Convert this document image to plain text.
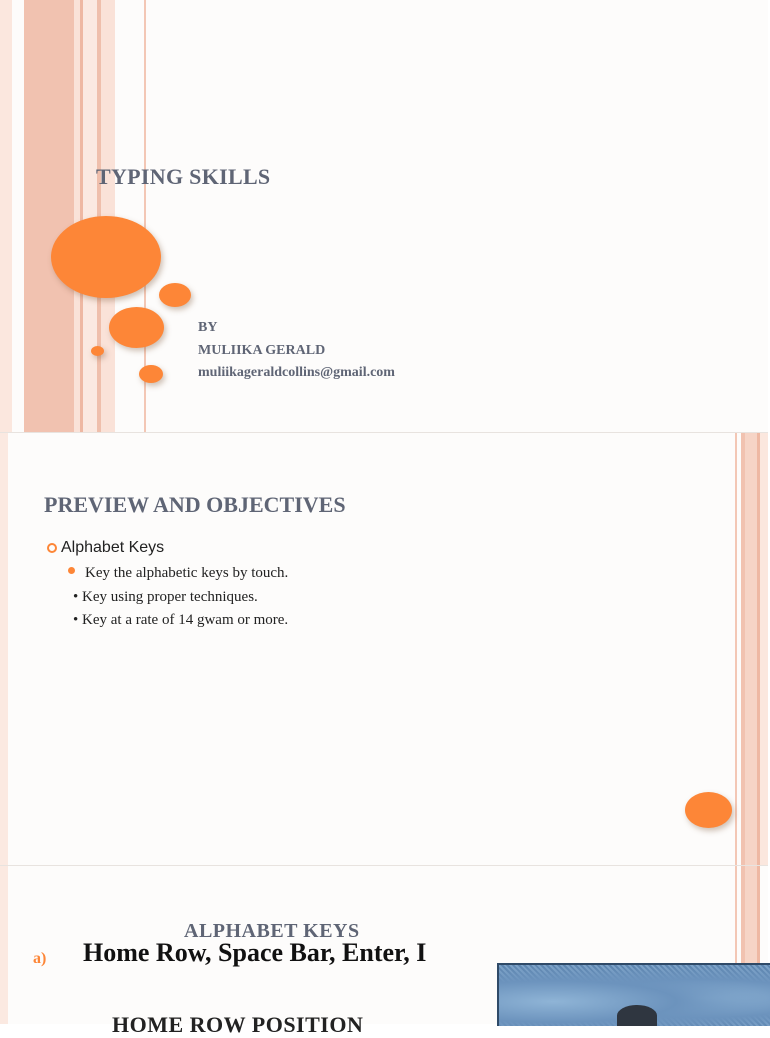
TYPING SKILLS
BY
MULIIKA GERALD
muliikageraldcollins@gmail.com
PREVIEW AND OBJECTIVES
Alphabet Keys
Key the alphabetic keys by touch.
• Key using proper techniques.
• Key at a rate of 14 gwam or more.
ALPHABET KEYS
a) Home Row, Space Bar, Enter, I
HOME ROW POSITION
